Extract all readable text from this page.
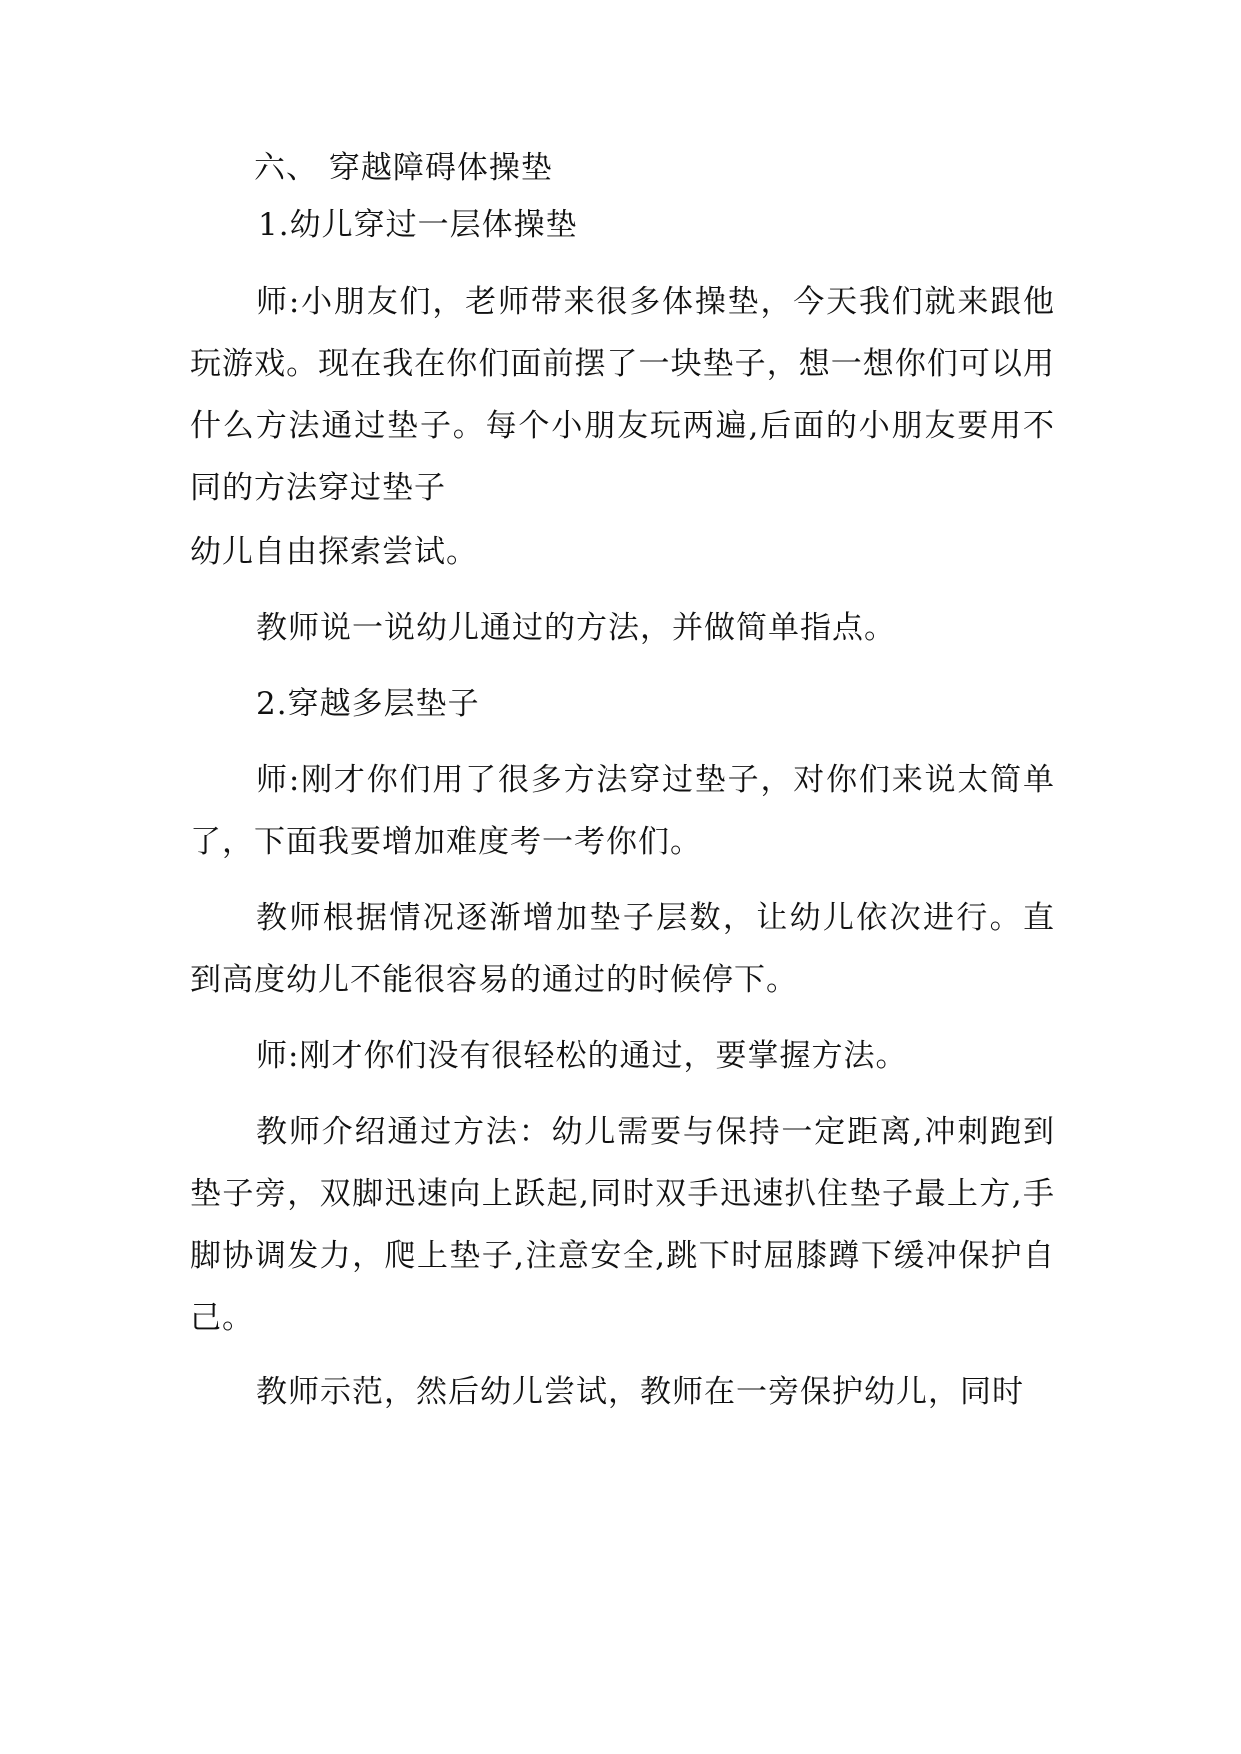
六、 穿越障碍体操垫
1.幼儿穿过一层体操垫

师:小朋友们，老师带来很多体操垫，今天我们就来跟他玩游戏。现在我在你们面前摆了一块垫子，想一想你们可以用什么方法通过垫子。每个小朋友玩两遍,后面的小朋友要用不同的方法穿过垫子

幼儿自由探索尝试。

教师说一说幼儿通过的方法，并做简单指点。

2.穿越多层垫子

师:刚才你们用了很多方法穿过垫子，对你们来说太简单了，下面我要增加难度考一考你们。

教师根据情况逐渐增加垫子层数，让幼儿依次进行。直到高度幼儿不能很容易的通过的时候停下。

师:刚才你们没有很轻松的通过，要掌握方法。

教师介绍通过方法：幼儿需要与保持一定距离,冲刺跑到垫子旁，双脚迅速向上跃起,同时双手迅速扒住垫子最上方,手脚协调发力，爬上垫子,注意安全,跳下时屈膝蹲下缓冲保护自己。

教师示范，然后幼儿尝试，教师在一旁保护幼儿，同时
